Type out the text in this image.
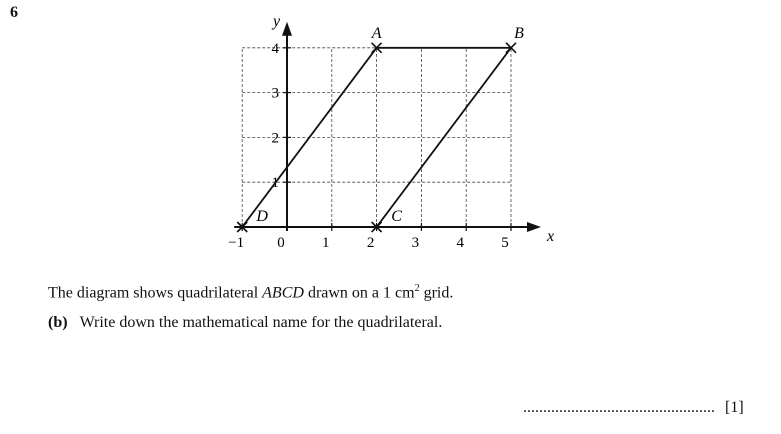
6
−1 0 1 2 3 4 5
1
2
3
4
x
y
A	B
C
D
The diagram shows quadrilateral ABCD drawn on a 1 $cm^2$ grid.
(b) Write down the mathematical name for the quadrilateral.
................................................ [1]
